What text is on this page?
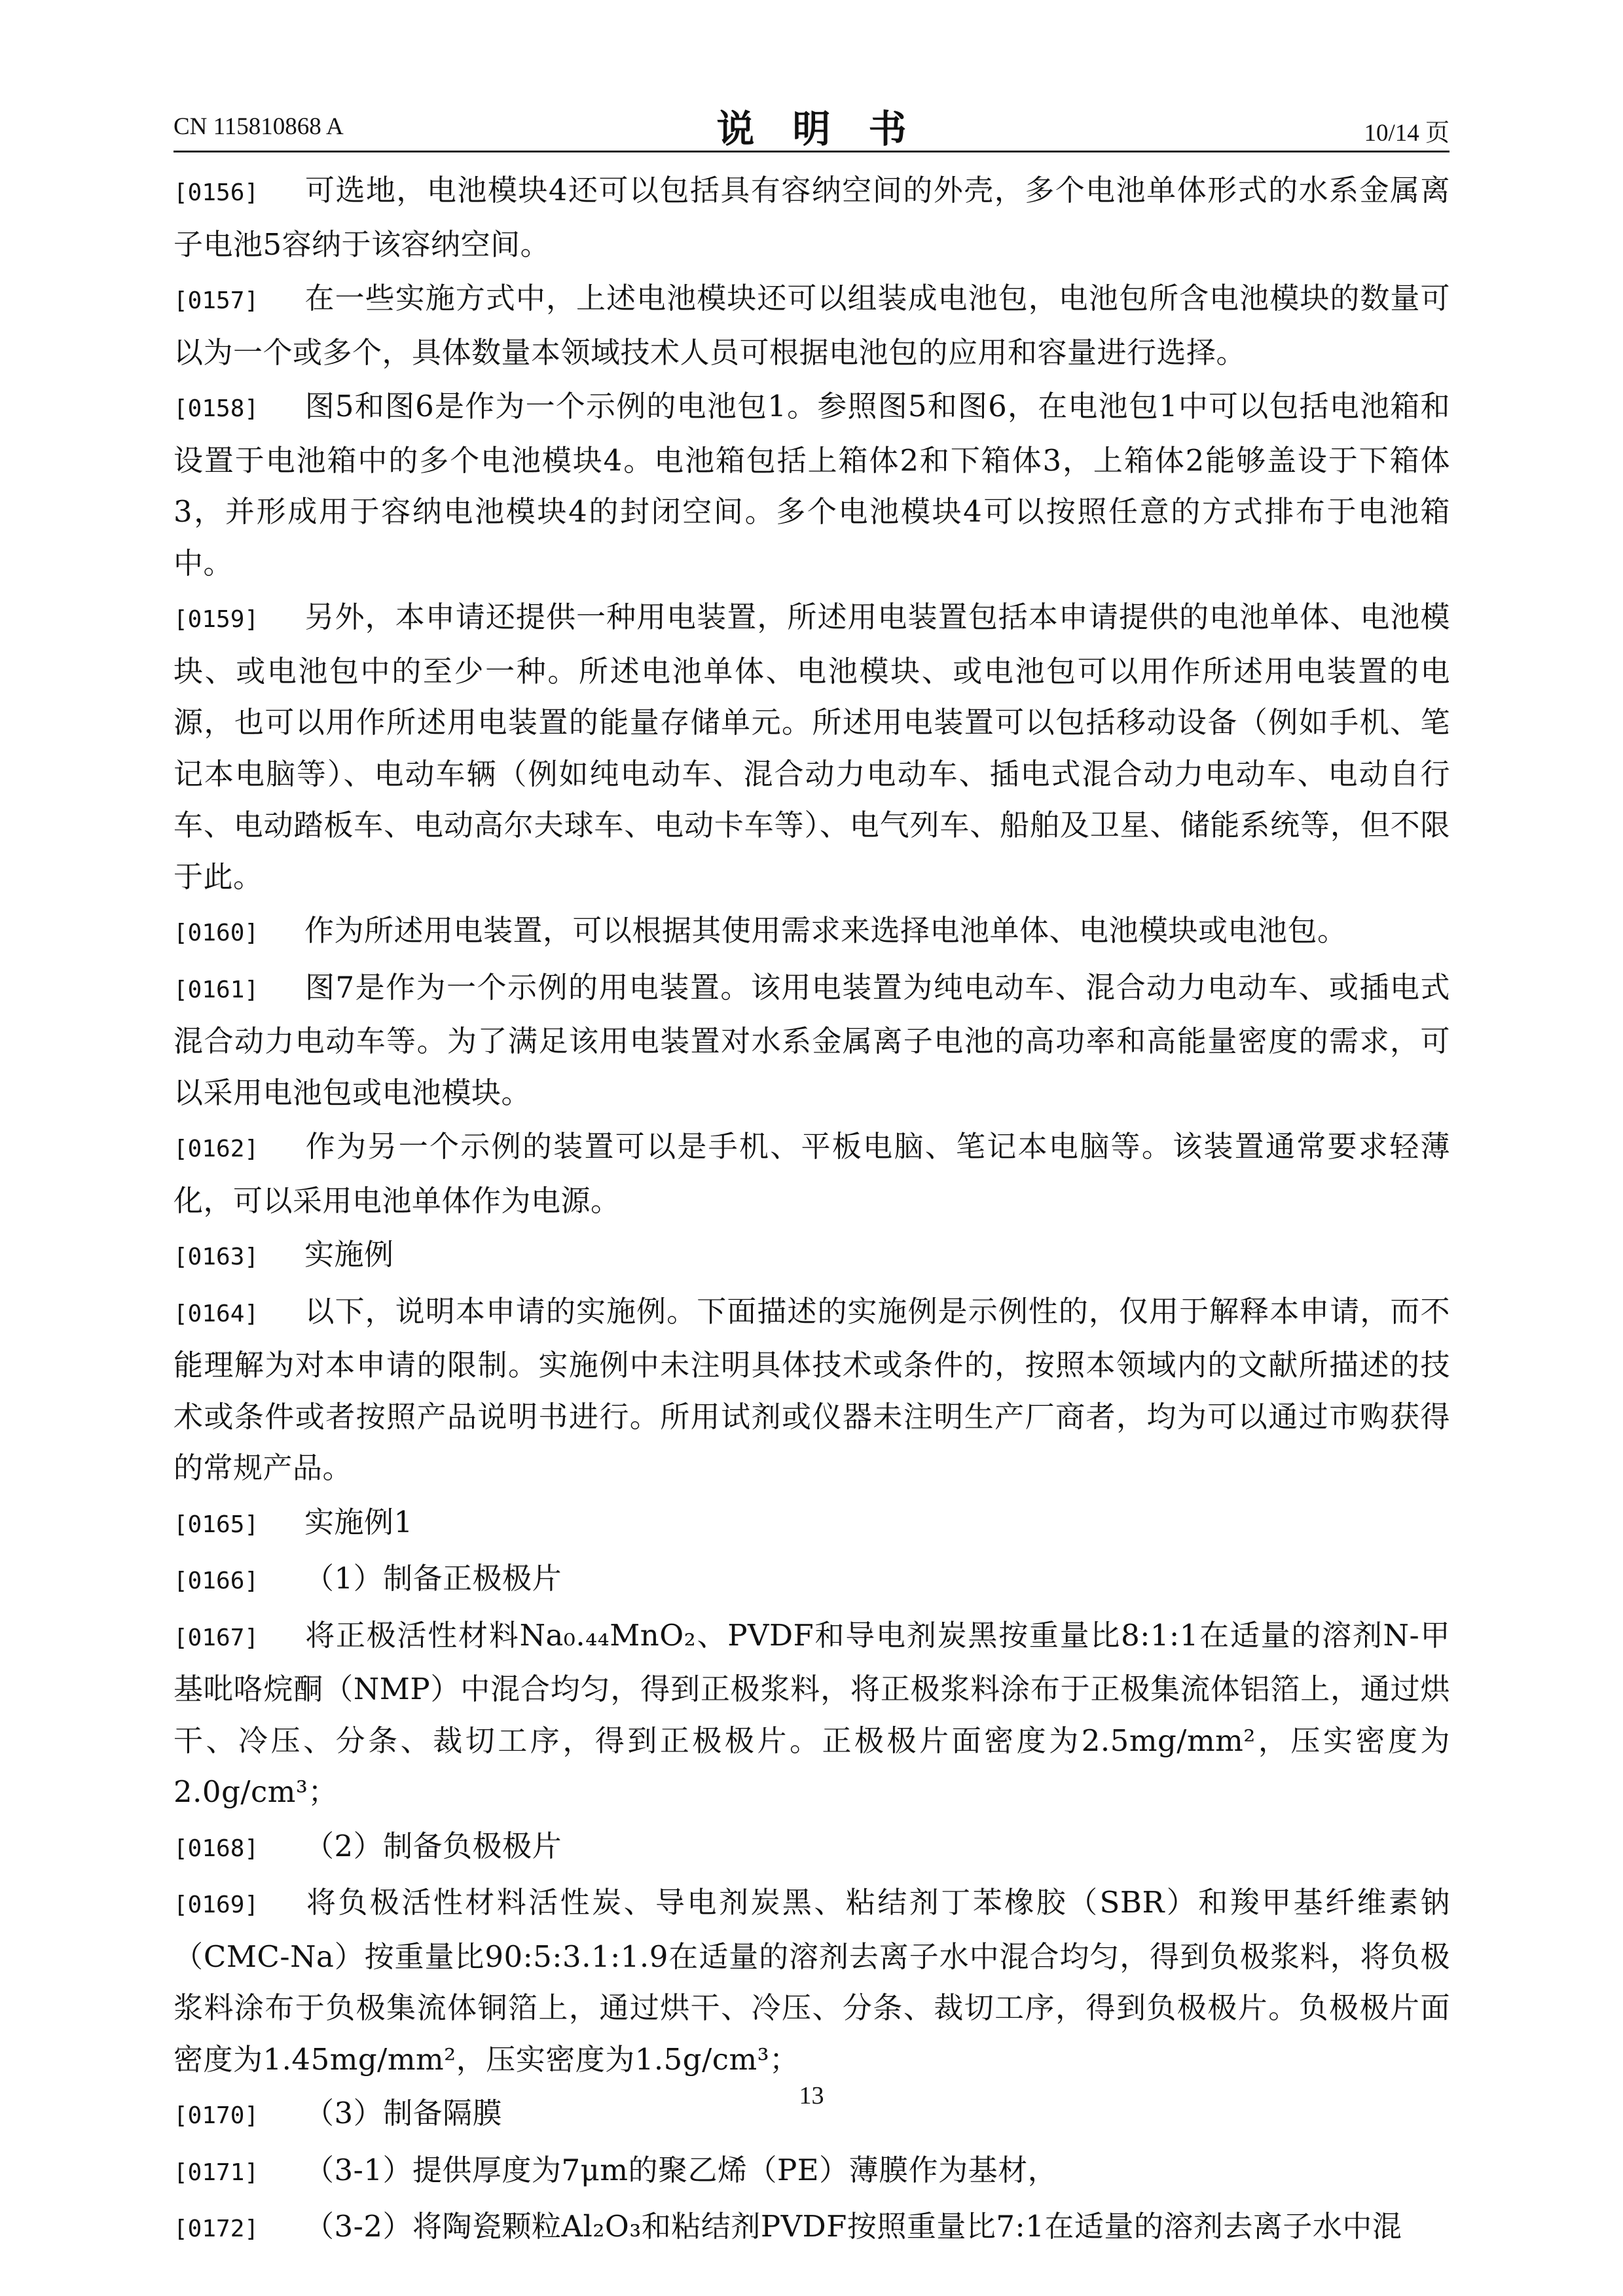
CN 115810868 A	说明书	10/14 页

[0156] 可选地，电池模块4还可以包括具有容纳空间的外壳，多个电池单体形式的水系金属离子电池5容纳于该容纳空间。

[0157] 在一些实施方式中，上述电池模块还可以组装成电池包，电池包所含电池模块的数量可以为一个或多个，具体数量本领域技术人员可根据电池包的应用和容量进行选择。

[0158] 图5和图6是作为一个示例的电池包1。参照图5和图6，在电池包1中可以包括电池箱和设置于电池箱中的多个电池模块4。电池箱包括上箱体2和下箱体3，上箱体2能够盖设于下箱体3，并形成用于容纳电池模块4的封闭空间。多个电池模块4可以按照任意的方式排布于电池箱中。

[0159] 另外，本申请还提供一种用电装置，所述用电装置包括本申请提供的电池单体、电池模块、或电池包中的至少一种。所述电池单体、电池模块、或电池包可以用作所述用电装置的电源，也可以用作所述用电装置的能量存储单元。所述用电装置可以包括移动设备（例如手机、笔记本电脑等）、电动车辆（例如纯电动车、混合动力电动车、插电式混合动力电动车、电动自行车、电动踏板车、电动高尔夫球车、电动卡车等）、电气列车、船舶及卫星、储能系统等，但不限于此。

[0160] 作为所述用电装置，可以根据其使用需求来选择电池单体、电池模块或电池包。

[0161] 图7是作为一个示例的用电装置。该用电装置为纯电动车、混合动力电动车、或插电式混合动力电动车等。为了满足该用电装置对水系金属离子电池的高功率和高能量密度的需求，可以采用电池包或电池模块。

[0162] 作为另一个示例的装置可以是手机、平板电脑、笔记本电脑等。该装置通常要求轻薄化，可以采用电池单体作为电源。

[0163] 实施例

[0164] 以下，说明本申请的实施例。下面描述的实施例是示例性的，仅用于解释本申请，而不能理解为对本申请的限制。实施例中未注明具体技术或条件的，按照本领域内的文献所描述的技术或条件或者按照产品说明书进行。所用试剂或仪器未注明生产厂商者，均为可以通过市购获得的常规产品。

[0165] 实施例1

[0166] （1）制备正极极片

[0167] 将正极活性材料Na₀.₄₄MnO₂、PVDF和导电剂炭黑按重量比8:1:1在适量的溶剂N-甲基吡咯烷酮（NMP）中混合均匀，得到正极浆料，将正极浆料涂布于正极集流体铝箔上，通过烘干、冷压、分条、裁切工序，得到正极极片。正极极片面密度为2.5mg/mm²，压实密度为2.0g/cm³；

[0168] （2）制备负极极片

[0169] 将负极活性材料活性炭、导电剂炭黑、粘结剂丁苯橡胶（SBR）和羧甲基纤维素钠（CMC-Na）按重量比90:5:3.1:1.9在适量的溶剂去离子水中混合均匀，得到负极浆料，将负极浆料涂布于负极集流体铜箔上，通过烘干、冷压、分条、裁切工序，得到负极极片。负极极片面密度为1.45mg/mm²，压实密度为1.5g/cm³；

[0170] （3）制备隔膜

[0171] （3-1）提供厚度为7μm的聚乙烯（PE）薄膜作为基材，

[0172] （3-2）将陶瓷颗粒Al₂O₃和粘结剂PVDF按照重量比7:1在适量的溶剂去离子水中混

13
